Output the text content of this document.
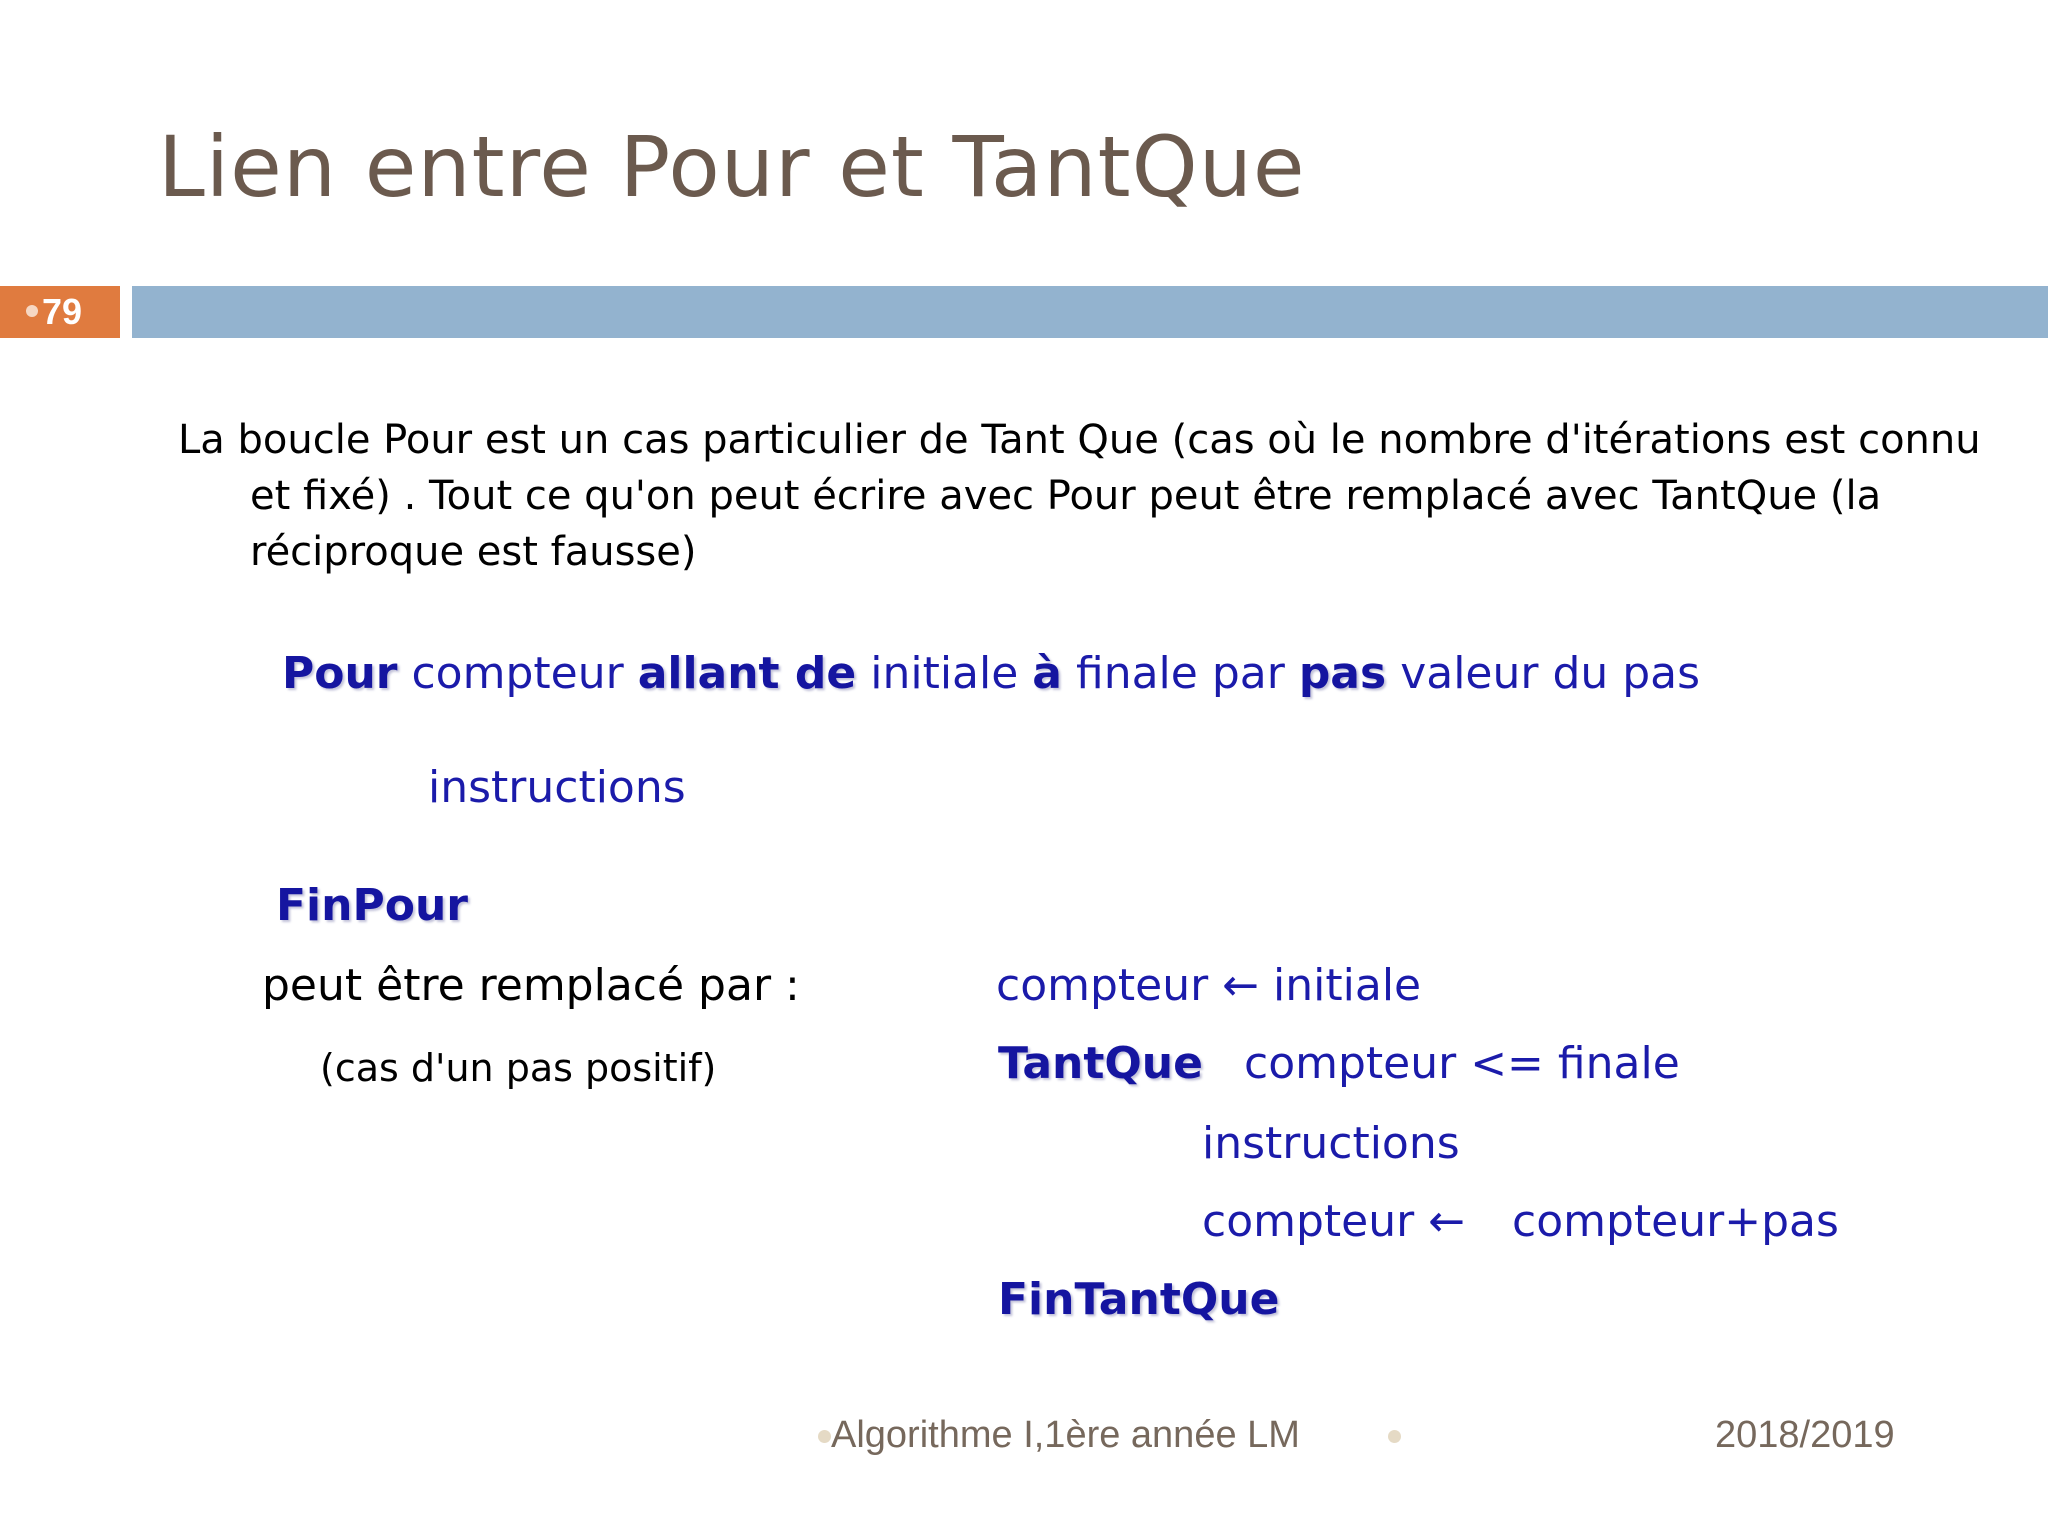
Lien entre Pour et TantQue
79
La boucle Pour est un cas particulier de Tant Que (cas où le nombre d'itérations est connu et fixé) . Tout ce qu'on peut écrire avec Pour peut être remplacé avec TantQue (la réciproque est fausse)
Pour compteur allant de initiale à finale par pas valeur du pas
instructions
FinPour
peut être remplacé par :
(cas d'un pas positif)
compteur ← initiale
TantQue compteur <= finale
instructions
compteur ← compteur+pas
FinTantQue
Algorithme I,1ère année LM	2018/2019
